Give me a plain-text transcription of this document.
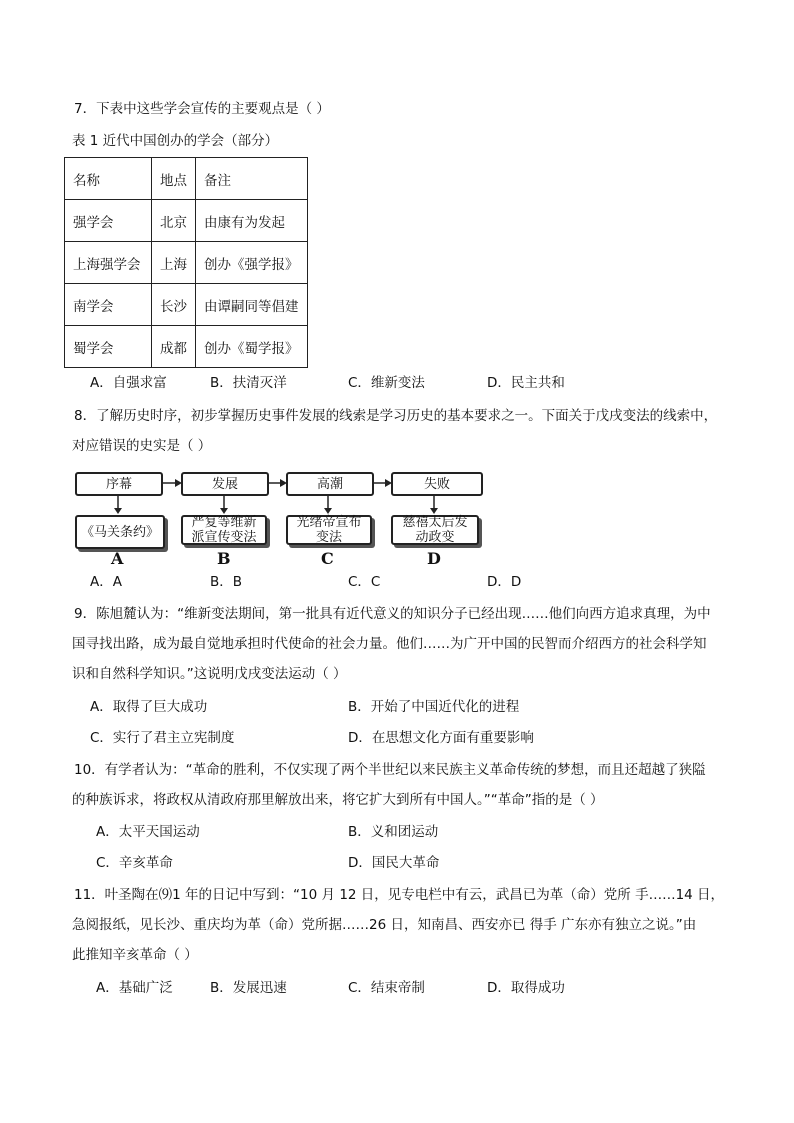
7．下表中这些学会宣传的主要观点是（ ）
表 1 近代中国创办的学会（部分）
名称	地点	备注
强学会	北京	由康有为发起
上海强学会	上海	创办《强学报》
南学会	长沙	由谭嗣同等倡建
蜀学会	成都	创办《蜀学报》
A．自强求富	B．扶清灭洋	C．维新变法	D．民主共和
8．了解历史时序，初步掌握历史事件发展的线索是学习历史的基本要求之一。下面关于戊戌变法的线索中，
对应错误的史实是（ ）
序幕	发展	高潮	失败
《马关条约》
严复等维新派宣传变法
光绪帝宣布变法
慈禧太后发动政变
A	B	C	D
A．A	B．B	C．C	D．D
9．陈旭麓认为：“维新变法期间，第一批具有近代意义的知识分子已经出现……他们向西方追求真理，为中
国寻找出路，成为最自觉地承担时代使命的社会力量。他们……为广开中国的民智而介绍西方的社会科学知
识和自然科学知识。”这说明戊戌变法运动（ ）
A．取得了巨大成功	B．开始了中国近代化的进程
C．实行了君主立宪制度	D．在思想文化方面有重要影响
10．有学者认为：“革命的胜利，不仅实现了两个半世纪以来民族主义革命传统的梦想，而且还超越了狭隘
的种族诉求，将政权从清政府那里解放出来，将它扩大到所有中国人。”“革命”指的是（ ）
A．太平天国运动	B．义和团运动
C．辛亥革命	D．国民大革命
11．叶圣陶在⑼1 年的日记中写到：“10 月 12 日，见专电栏中有云，武昌已为革（命）党所 手……14 日，
急阅报纸，见长沙、重庆均为革（命）党所据……26 日，知南昌、西安亦已 得手 广东亦有独立之说。”由
此推知辛亥革命（ ）
A．基础广泛	B．发展迅速	C．结束帝制	D．取得成功
